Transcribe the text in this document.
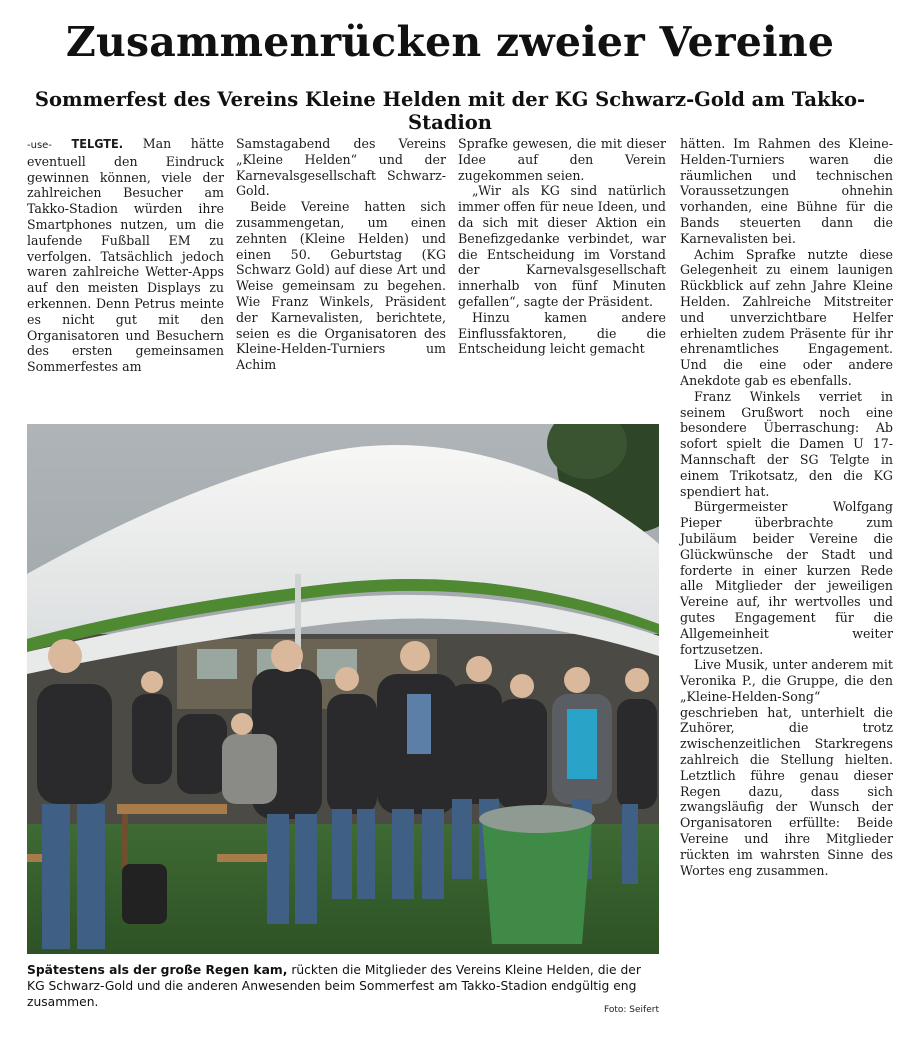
Zusammenrücken zweier Vereine
Sommerfest des Vereins Kleine Helden mit der KG Schwarz-Gold am Takko-Stadion

-use- TELGTE. Man hätte eventuell den Eindruck gewinnen können, viele der zahlreichen Besucher am Takko-Stadion würden ihre Smartphones nutzen, um die laufende Fußball EM zu verfolgen. Tatsächlich jedoch waren zahlreiche Wetter-Apps auf den meisten Displays zu erkennen. Denn Petrus meinte es nicht gut mit den Organisatoren und Besuchern des ersten gemeinsamen Sommerfestes am

Samstagabend des Vereins „Kleine Helden“ und der Karnevalsgesellschaft Schwarz-Gold.

Beide Vereine hatten sich zusammengetan, um einen zehnten (Kleine Helden) und einen 50. Geburtstag (KG Schwarz Gold) auf diese Art und Weise gemeinsam zu begehen. Wie Franz Winkels, Präsident der Karnevalisten, berichtete, seien es die Organisatoren des Kleine-Helden-Turniers um Achim

Sprafke gewesen, die mit dieser Idee auf den Verein zugekommen seien.

„Wir als KG sind natürlich immer offen für neue Ideen, und da sich mit dieser Aktion ein Benefizgedanke verbindet, war die Entscheidung im Vorstand der Karnevalsgesellschaft innerhalb von fünf Minuten gefallen“, sagte der Präsident.

Hinzu kamen andere Einflussfaktoren, die die Entscheidung leicht gemacht

hätten. Im Rahmen des Kleine-Helden-Turniers waren die räumlichen und technischen Voraussetzungen ohnehin vorhanden, eine Bühne für die Bands steuerten dann die Karnevalisten bei.

Achim Sprafke nutzte diese Gelegenheit zu einem launigen Rückblick auf zehn Jahre Kleine Helden. Zahlreiche Mitstreiter und unverzichtbare Helfer erhielten zudem Präsente für ihr ehrenamtliches Engagement. Und die eine oder andere Anekdote gab es ebenfalls.

Franz Winkels verriet in seinem Grußwort noch eine besondere Überraschung: Ab sofort spielt die Damen U 17-Mannschaft der SG Telgte in einem Trikotsatz, den die KG spendiert hat.

Bürgermeister Wolfgang Pieper überbrachte zum Jubiläum beider Vereine die Glückwünsche der Stadt und forderte in einer kurzen Rede alle Mitglieder der jeweiligen Vereine auf, ihr wertvolles und gutes Engagement für die Allgemeinheit weiter fortzusetzen.

Live Musik, unter anderem mit Veronika P., die Gruppe, die den „Kleine-Helden-Song“ geschrieben hat, unterhielt die Zuhörer, die trotz zwischenzeitlichen Starkregens zahlreich die Stellung hielten. Letztlich führe genau dieser Regen dazu, dass sich zwangsläufig der Wunsch der Organisatoren erfüllte: Beide Vereine und ihre Mitglieder rückten im wahrsten Sinne des Wortes eng zusammen.

Spätestens als der große Regen kam, rückten die Mitglieder des Vereins Kleine Helden, die der KG Schwarz-Gold und die anderen Anwesenden beim Sommerfest am Takko-Stadion endgültig eng zusammen.
Foto: Seifert
